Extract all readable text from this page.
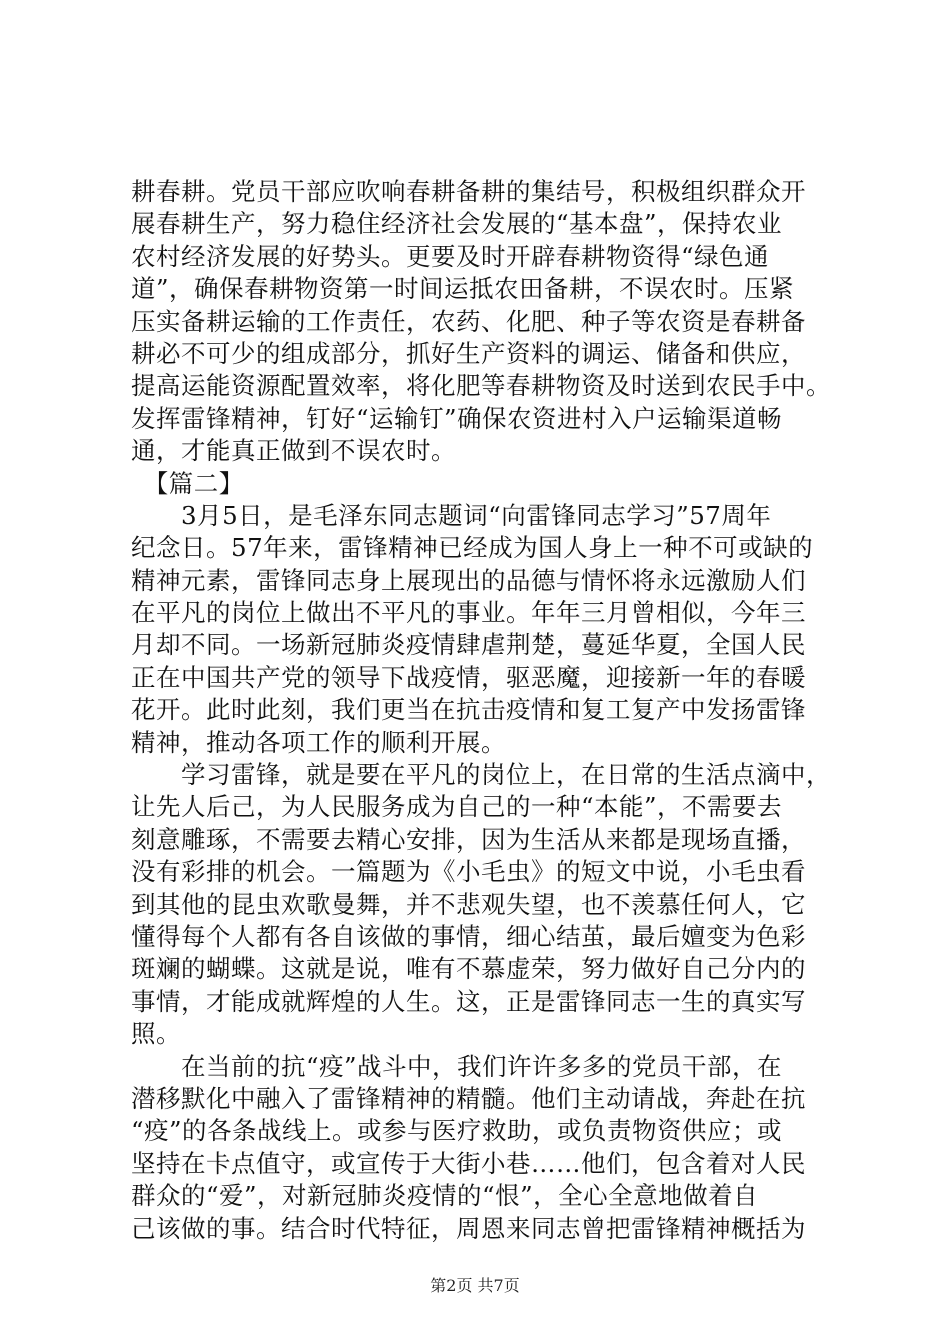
耕春耕。党员干部应吹响春耕备耕的集结号，积极组织群众开
展春耕生产，努力稳住经济社会发展的“基本盘”，保持农业
农村经济发展的好势头。更要及时开辟春耕物资得“绿色通
道”，确保春耕物资第一时间运抵农田备耕，不误农时。压紧
压实备耕运输的工作责任，农药、化肥、种子等农资是春耕备
耕必不可少的组成部分，抓好生产资料的调运、储备和供应，
提高运能资源配置效率，将化肥等春耕物资及时送到农民手中。
发挥雷锋精神，钉好“运输钉”确保农资进村入户运输渠道畅
通，才能真正做到不误农时。
　【篇二】
　　3月5日，是毛泽东同志题词“向雷锋同志学习”57周年
纪念日。57年来，雷锋精神已经成为国人身上一种不可或缺的
精神元素，雷锋同志身上展现出的品德与情怀将永远激励人们
在平凡的岗位上做出不平凡的事业。年年三月曾相似，今年三
月却不同。一场新冠肺炎疫情肆虐荆楚，蔓延华夏，全国人民
正在中国共产党的领导下战疫情，驱恶魔，迎接新一年的春暖
花开。此时此刻，我们更当在抗击疫情和复工复产中发扬雷锋
精神，推动各项工作的顺利开展。
　　学习雷锋，就是要在平凡的岗位上，在日常的生活点滴中，
让先人后己，为人民服务成为自己的一种“本能”，不需要去
刻意雕琢，不需要去精心安排，因为生活从来都是现场直播，
没有彩排的机会。一篇题为《小毛虫》的短文中说，小毛虫看
到其他的昆虫欢歌曼舞，并不悲观失望，也不羡慕任何人，它
懂得每个人都有各自该做的事情，细心结茧，最后嬗变为色彩
斑斓的蝴蝶。这就是说，唯有不慕虚荣，努力做好自己分内的
事情，才能成就辉煌的人生。这，正是雷锋同志一生的真实写
照。
　　在当前的抗“疫”战斗中，我们许许多多的党员干部，在
潜移默化中融入了雷锋精神的精髓。他们主动请战，奔赴在抗
“疫”的各条战线上。或参与医疗救助，或负责物资供应；或
坚持在卡点值守，或宣传于大街小巷……他们，包含着对人民
群众的“爱”，对新冠肺炎疫情的“恨”，全心全意地做着自
己该做的事。结合时代特征，周恩来同志曾把雷锋精神概括为
第2页 共7页
